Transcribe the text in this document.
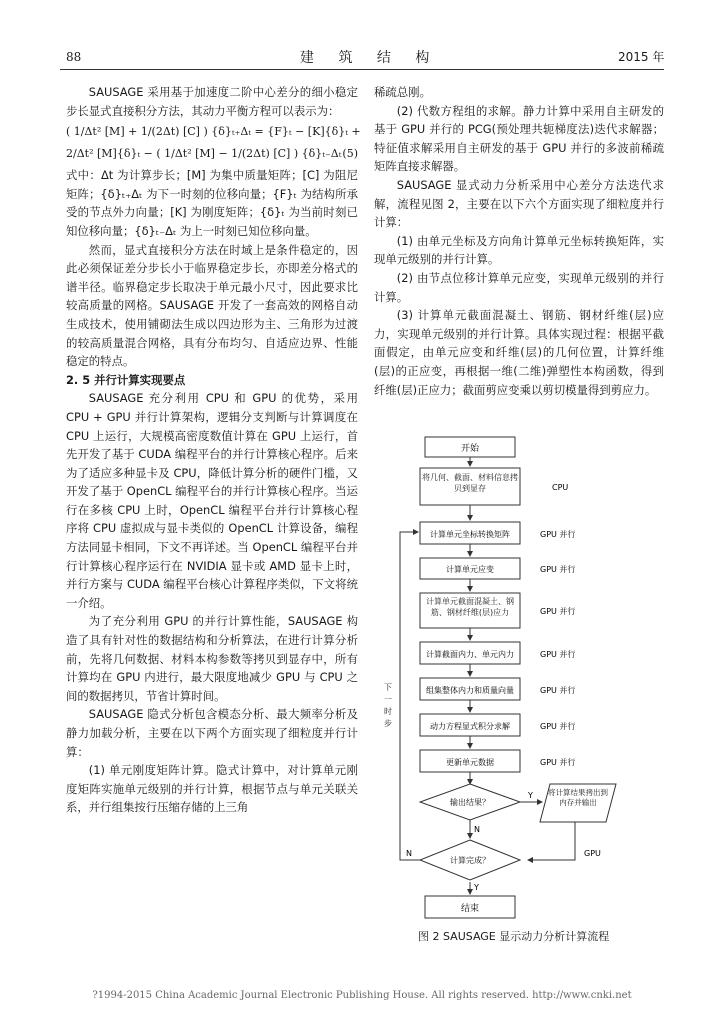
88	建 筑 结 构	2015 年

SAUSAGE 采用基于加速度二阶中心差分的细小稳定步长显式直接积分方法，其动力平衡方程可以表示为：

( 1/Δt² [M] + 1/(2Δt) [C] ) {δ}ₜ₊Δₜ = {F}ₜ − [K]{δ}ₜ +
2/Δt² [M]{δ}ₜ − ( 1/Δt² [M] − 1/(2Δt) [C] ) {δ}ₜ₋Δₜ (5)

式中：Δt 为计算步长；[M] 为集中质量矩阵；[C] 为阻尼矩阵；{δ}ₜ₊Δₜ 为下一时刻的位移向量；{F}ₜ 为结构所承受的节点外力向量；[K] 为刚度矩阵；{δ}ₜ 为当前时刻已知位移向量；{δ}ₜ₋Δₜ 为上一时刻已知位移向量。

然而，显式直接积分方法在时域上是条件稳定的，因此必须保证差分步长小于临界稳定步长，亦即差分格式的谱半径。临界稳定步长取决于单元最小尺寸，因此要求比较高质量的网格。SAUSAGE 开发了一套高效的网格自动生成技术，使用铺砌法生成以四边形为主、三角形为过渡的较高质量混合网格，具有分布均匀、自适应边界、性能稳定的特点。

2. 5 并行计算实现要点

SAUSAGE 充分利用 CPU 和 GPU 的优势，采用 CPU + GPU 并行计算架构，逻辑分支判断与计算调度在 CPU 上运行，大规模高密度数值计算在 GPU 上运行，首先开发了基于 CUDA 编程平台的并行计算核心程序。后来为了适应多种显卡及 CPU，降低计算分析的硬件门槛，又开发了基于 OpenCL 编程平台的并行计算核心程序。当运行在多核 CPU 上时，OpenCL 编程平台并行计算核心程序将 CPU 虚拟成与显卡类似的 OpenCL 计算设备，编程方法同显卡相同，下文不再详述。当 OpenCL 编程平台并行计算核心程序运行在 NVIDIA 显卡或 AMD 显卡上时，并行方案与 CUDA 编程平台核心计算程序类似，下文将统一介绍。

为了充分利用 GPU 的并行计算性能，SAUSAGE 构造了具有针对性的数据结构和分析算法，在进行计算分析前，先将几何数据、材料本构参数等拷贝到显存中，所有计算均在 GPU 内进行，最大限度地减少 GPU 与 CPU 之间的数据拷贝，节省计算时间。

SAUSAGE 隐式分析包含模态分析、最大频率分析及静力加载分析，主要在以下两个方面实现了细粒度并行计算：

(1) 单元刚度矩阵计算。隐式计算中，对计算单元刚度矩阵实施单元级别的并行计算，根据节点与单元关联关系，并行组集按行压缩存储的上三角

稀疏总刚。

(2) 代数方程组的求解。静力计算中采用自主研发的基于 GPU 并行的 PCG(预处理共轭梯度法)迭代求解器；特征值求解采用自主研发的基于 GPU 并行的多波前稀疏矩阵直接求解器。

SAUSAGE 显式动力分析采用中心差分方法迭代求解，流程见图 2，主要在以下六个方面实现了细粒度并行计算：

(1) 由单元坐标及方向角计算单元坐标转换矩阵，实现单元级别的并行计算。

(2) 由节点位移计算单元应变，实现单元级别的并行计算。

(3) 计算单元截面混凝土、钢筋、钢材纤维(层)应力，实现单元级别的并行计算。具体实现过程：根据平截面假定，由单元应变和纤维(层)的几何位置，计算纤维(层)的正应变，再根据一维(二维)弹塑性本构函数，得到纤维(层)正应力；截面剪应变乘以剪切模量得到剪应力。

开始
将几何、截面、材料信息拷贝到显存	CPU
计算单元坐标转换矩阵	GPU 并行
计算单元应变	GPU 并行
计算单元截面混凝土、钢筋、钢材纤维(层)应力	GPU 并行
计算截面内力、单元内力	GPU 并行
组集整体内力和质量向量	GPU 并行
动力方程显式积分求解	GPU 并行
更新单元数据	GPU 并行
输出结果？
Y
N
将计算结果拷出到内存并输出
GPU
计算完成？
N
Y
下一时步
结束
图 2 SAUSAGE 显示动力分析计算流程
?1994-2015 China Academic Journal Electronic Publishing House. All rights reserved. http://www.cnki.net
